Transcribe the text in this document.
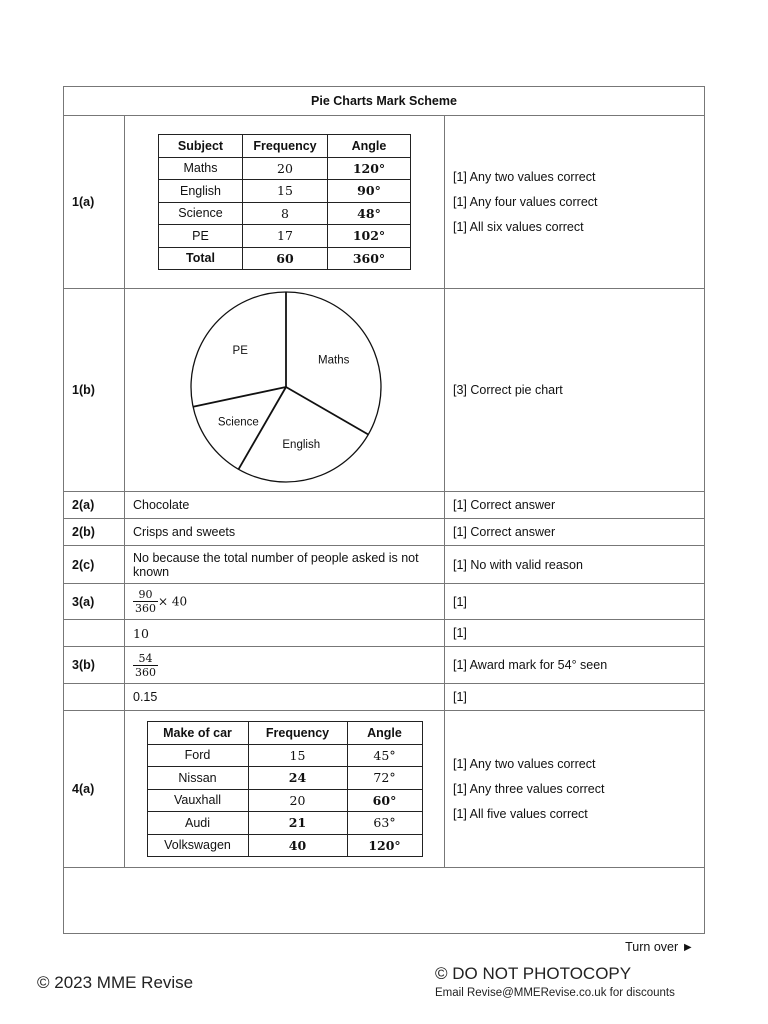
Pie Charts Mark Scheme
1(a)	
Subject	Frequency	Angle
Maths	20	120°
English	15	90°
Science	8	48°
PE	17	102°
Total	60	360°

[1] Any two values correct
[1] Any four values correct
[1] All six values correct

1(b)	
Maths
English
Science
PE
	[3] Correct pie chart
2(a)	Chocolate	[1] Correct answer
2(b)	Crisps and sweets	[1] Correct answer
2(c)	No because the total number of people asked is not known	[1] No with valid reason
3(a)	$\frac{90}{360} \times 40$	[1]
	10	[1]
3(b)	$\frac{54}{360}$	[1] Award mark for 54° seen
	0.15	[1]
4(a)	
Make of car	Frequency	Angle
Ford	15	45°
Nissan	24	72°
Vauxhall	20	60°
Audi	21	63°
Volkswagen	40	120°

[1] Any two values correct
[1] Any three values correct
[1] All five values correct

Turn over ►
© 2023 MME Revise	© DO NOT PHOTOCOPY
Email Revise@MMERevise.co.uk for discounts
